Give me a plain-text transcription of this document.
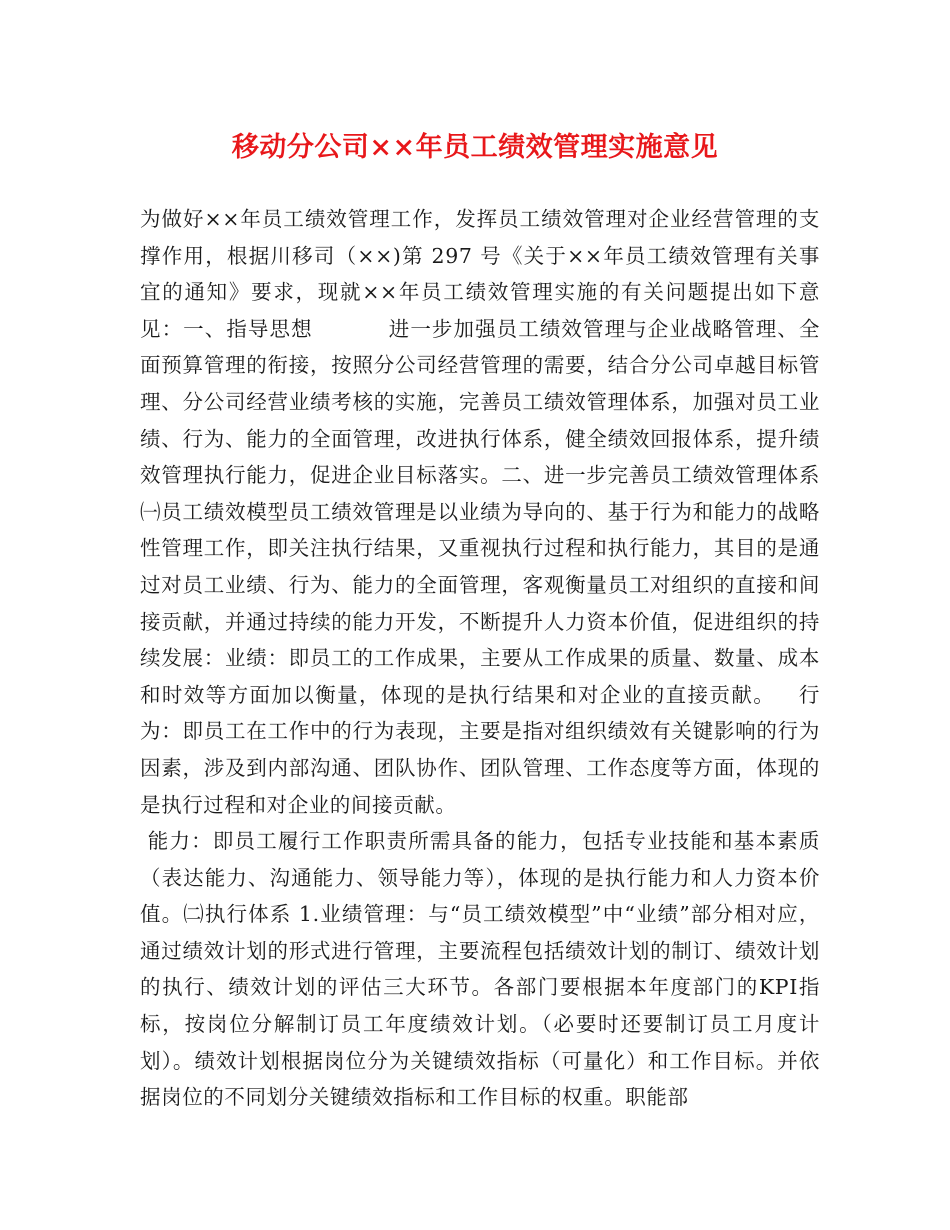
移动分公司××年员工绩效管理实施意见

为做好××年员工绩效管理工作，发挥员工绩效管理对企业经营管理的支撑作用，根据川移司（××)第 297 号《关于××年员工绩效管理有关事宜的通知》要求，现就××年员工绩效管理实施的有关问题提出如下意见：一、指导思想          进一步加强员工绩效管理与企业战略管理、全面预算管理的衔接，按照分公司经营管理的需要，结合分公司卓越目标管理、分公司经营业绩考核的实施，完善员工绩效管理体系，加强对员工业绩、行为、能力的全面管理，改进执行体系，健全绩效回报体系，提升绩效管理执行能力，促进企业目标落实。二、进一步完善员工绩效管理体系㈠员工绩效模型员工绩效管理是以业绩为导向的、基于行为和能力的战略性管理工作，即关注执行结果，又重视执行过程和执行能力，其目的是通过对员工业绩、行为、能力的全面管理，客观衡量员工对组织的直接和间接贡献，并通过持续的能力开发，不断提升人力资本价值，促进组织的持续发展：业绩：即员工的工作成果，主要从工作成果的质量、数量、成本和时效等方面加以衡量，体现的是执行结果和对企业的直接贡献。   行为：即员工在工作中的行为表现，主要是指对组织绩效有关键影响的行为因素，涉及到内部沟通、团队协作、团队管理、工作态度等方面，体现的是执行过程和对企业的间接贡献。
能力：即员工履行工作职责所需具备的能力，包括专业技能和基本素质（表达能力、沟通能力、领导能力等），体现的是执行能力和人力资本价值。㈡执行体系 1.业绩管理：与“员工绩效模型”中“业绩”部分相对应，通过绩效计划的形式进行管理，主要流程包括绩效计划的制订、绩效计划的执行、绩效计划的评估三大环节。各部门要根据本年度部门的KPI指标，按岗位分解制订员工年度绩效计划。（必要时还要制订员工月度计划）。绩效计划根据岗位分为关键绩效指标（可量化）和工作目标。并依据岗位的不同划分关键绩效指标和工作目标的权重。职能部
